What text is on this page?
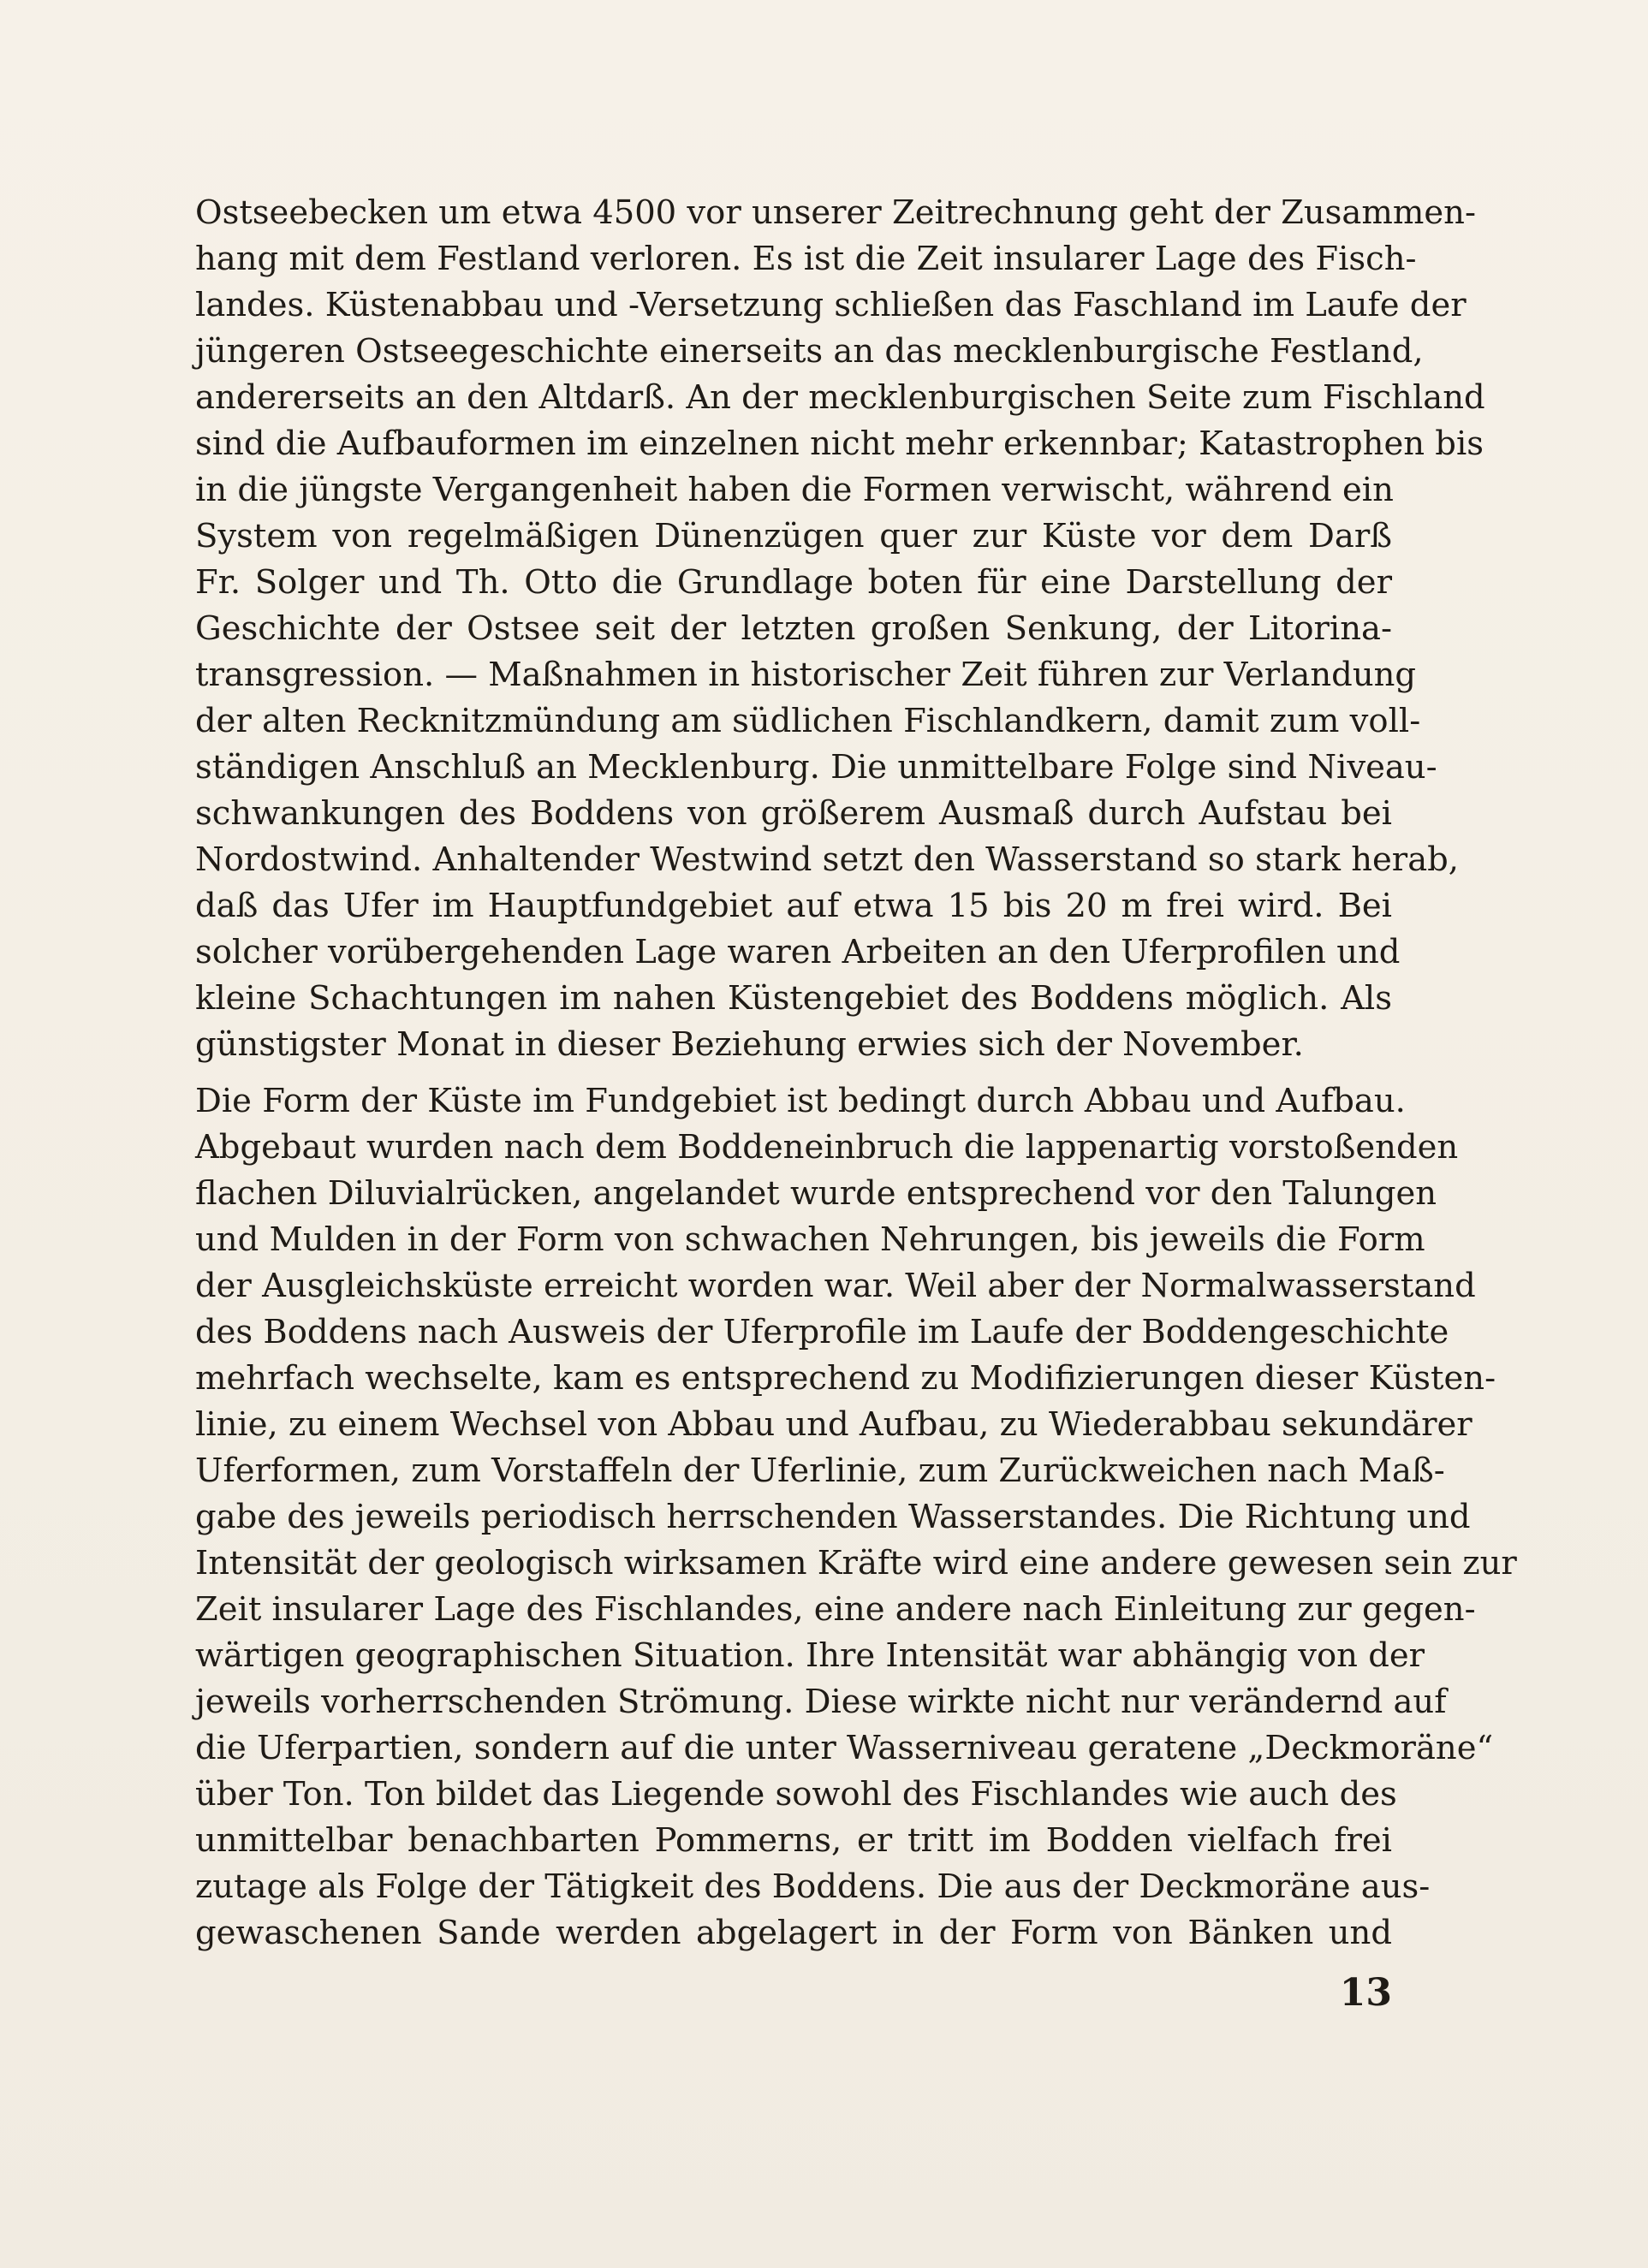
Ostseebecken um etwa 4500 vor unserer Zeitrechnung geht der Zusammen-
hang mit dem Festland verloren. Es ist die Zeit insularer Lage des Fisch-
landes. Küstenabbau und -Versetzung schließen das Faschland im Laufe der
jüngeren Ostseegeschichte einerseits an das mecklenburgische Festland,
andererseits an den Altdarß. An der mecklenburgischen Seite zum Fischland
sind die Aufbauformen im einzelnen nicht mehr erkennbar; Katastrophen bis
in die jüngste Vergangenheit haben die Formen verwischt, während ein
System von regelmäßigen Dünenzügen quer zur Küste vor dem Darß
Fr. Solger und Th. Otto die Grundlage boten für eine Darstellung der
Geschichte der Ostsee seit der letzten großen Senkung, der Litorina-
transgression. — Maßnahmen in historischer Zeit führen zur Verlandung
der alten Recknitzmündung am südlichen Fischlandkern, damit zum voll-
ständigen Anschluß an Mecklenburg. Die unmittelbare Folge sind Niveau-
schwankungen des Boddens von größerem Ausmaß durch Aufstau bei
Nordostwind. Anhaltender Westwind setzt den Wasserstand so stark herab,
daß das Ufer im Hauptfundgebiet auf etwa 15 bis 20 m frei wird. Bei
solcher vorübergehenden Lage waren Arbeiten an den Uferprofilen und
kleine Schachtungen im nahen Küstengebiet des Boddens möglich. Als
günstigster Monat in dieser Beziehung erwies sich der November.

Die Form der Küste im Fundgebiet ist bedingt durch Abbau und Aufbau.
Abgebaut wurden nach dem Boddeneinbruch die lappenartig vorstoßenden
flachen Diluvialrücken, angelandet wurde entsprechend vor den Talungen
und Mulden in der Form von schwachen Nehrungen, bis jeweils die Form
der Ausgleichsküste erreicht worden war. Weil aber der Normalwasserstand
des Boddens nach Ausweis der Uferprofile im Laufe der Boddengeschichte
mehrfach wechselte, kam es entsprechend zu Modifizierungen dieser Küsten-
linie, zu einem Wechsel von Abbau und Aufbau, zu Wiederabbau sekundärer
Uferformen, zum Vorstaffeln der Uferlinie, zum Zurückweichen nach Maß-
gabe des jeweils periodisch herrschenden Wasserstandes. Die Richtung und
Intensität der geologisch wirksamen Kräfte wird eine andere gewesen sein zur
Zeit insularer Lage des Fischlandes, eine andere nach Einleitung zur gegen-
wärtigen geographischen Situation. Ihre Intensität war abhängig von der
jeweils vorherrschenden Strömung. Diese wirkte nicht nur verändernd auf
die Uferpartien, sondern auf die unter Wasserniveau geratene „Deckmoräne“
über Ton. Ton bildet das Liegende sowohl des Fischlandes wie auch des
unmittelbar benachbarten Pommerns, er tritt im Bodden vielfach frei
zutage als Folge der Tätigkeit des Boddens. Die aus der Deckmoräne aus-
gewaschenen Sande werden abgelagert in der Form von Bänken und

13
